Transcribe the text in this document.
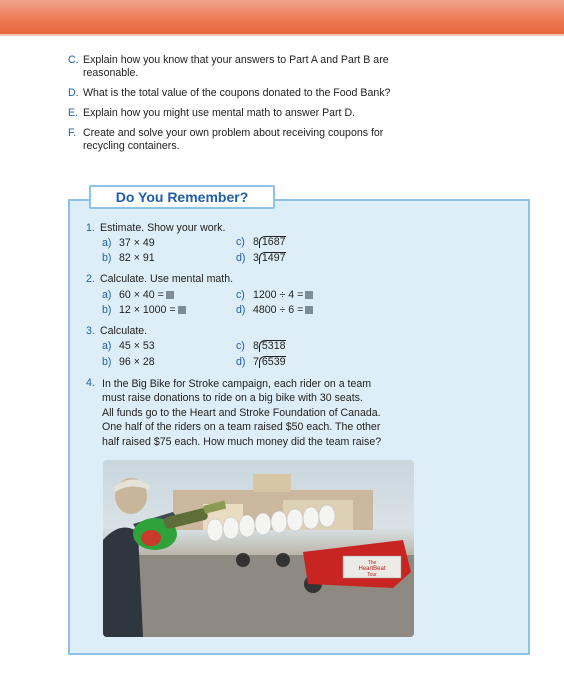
C. Explain how you know that your answers to Part A and Part B are reasonable.
D. What is the total value of the coupons donated to the Food Bank?
E. Explain how you might use mental math to answer Part D.
F. Create and solve your own problem about receiving coupons for recycling containers.
Do You Remember?
1. Estimate. Show your work.
a) 37 × 49
b) 82 × 91
c) 8 1687
d) 3 1497
2. Calculate. Use mental math.
a) 60 × 40 =
b) 12 × 1000 =
c) 1200 ÷ 4 =
d) 4800 ÷ 6 =
3. Calculate.
a) 45 × 53
b) 96 × 28
c) 8 5318
d) 7 6539
4. In the Big Bike for Stroke campaign, each rider on a team
must raise donations to ride on a big bike with 30 seats.
All funds go to the Heart and Stroke Foundation of Canada.
One half of the riders on a team raised $50 each. The other
half raised $75 each. How much money did the team raise?
The
HeartBeat
Tour
